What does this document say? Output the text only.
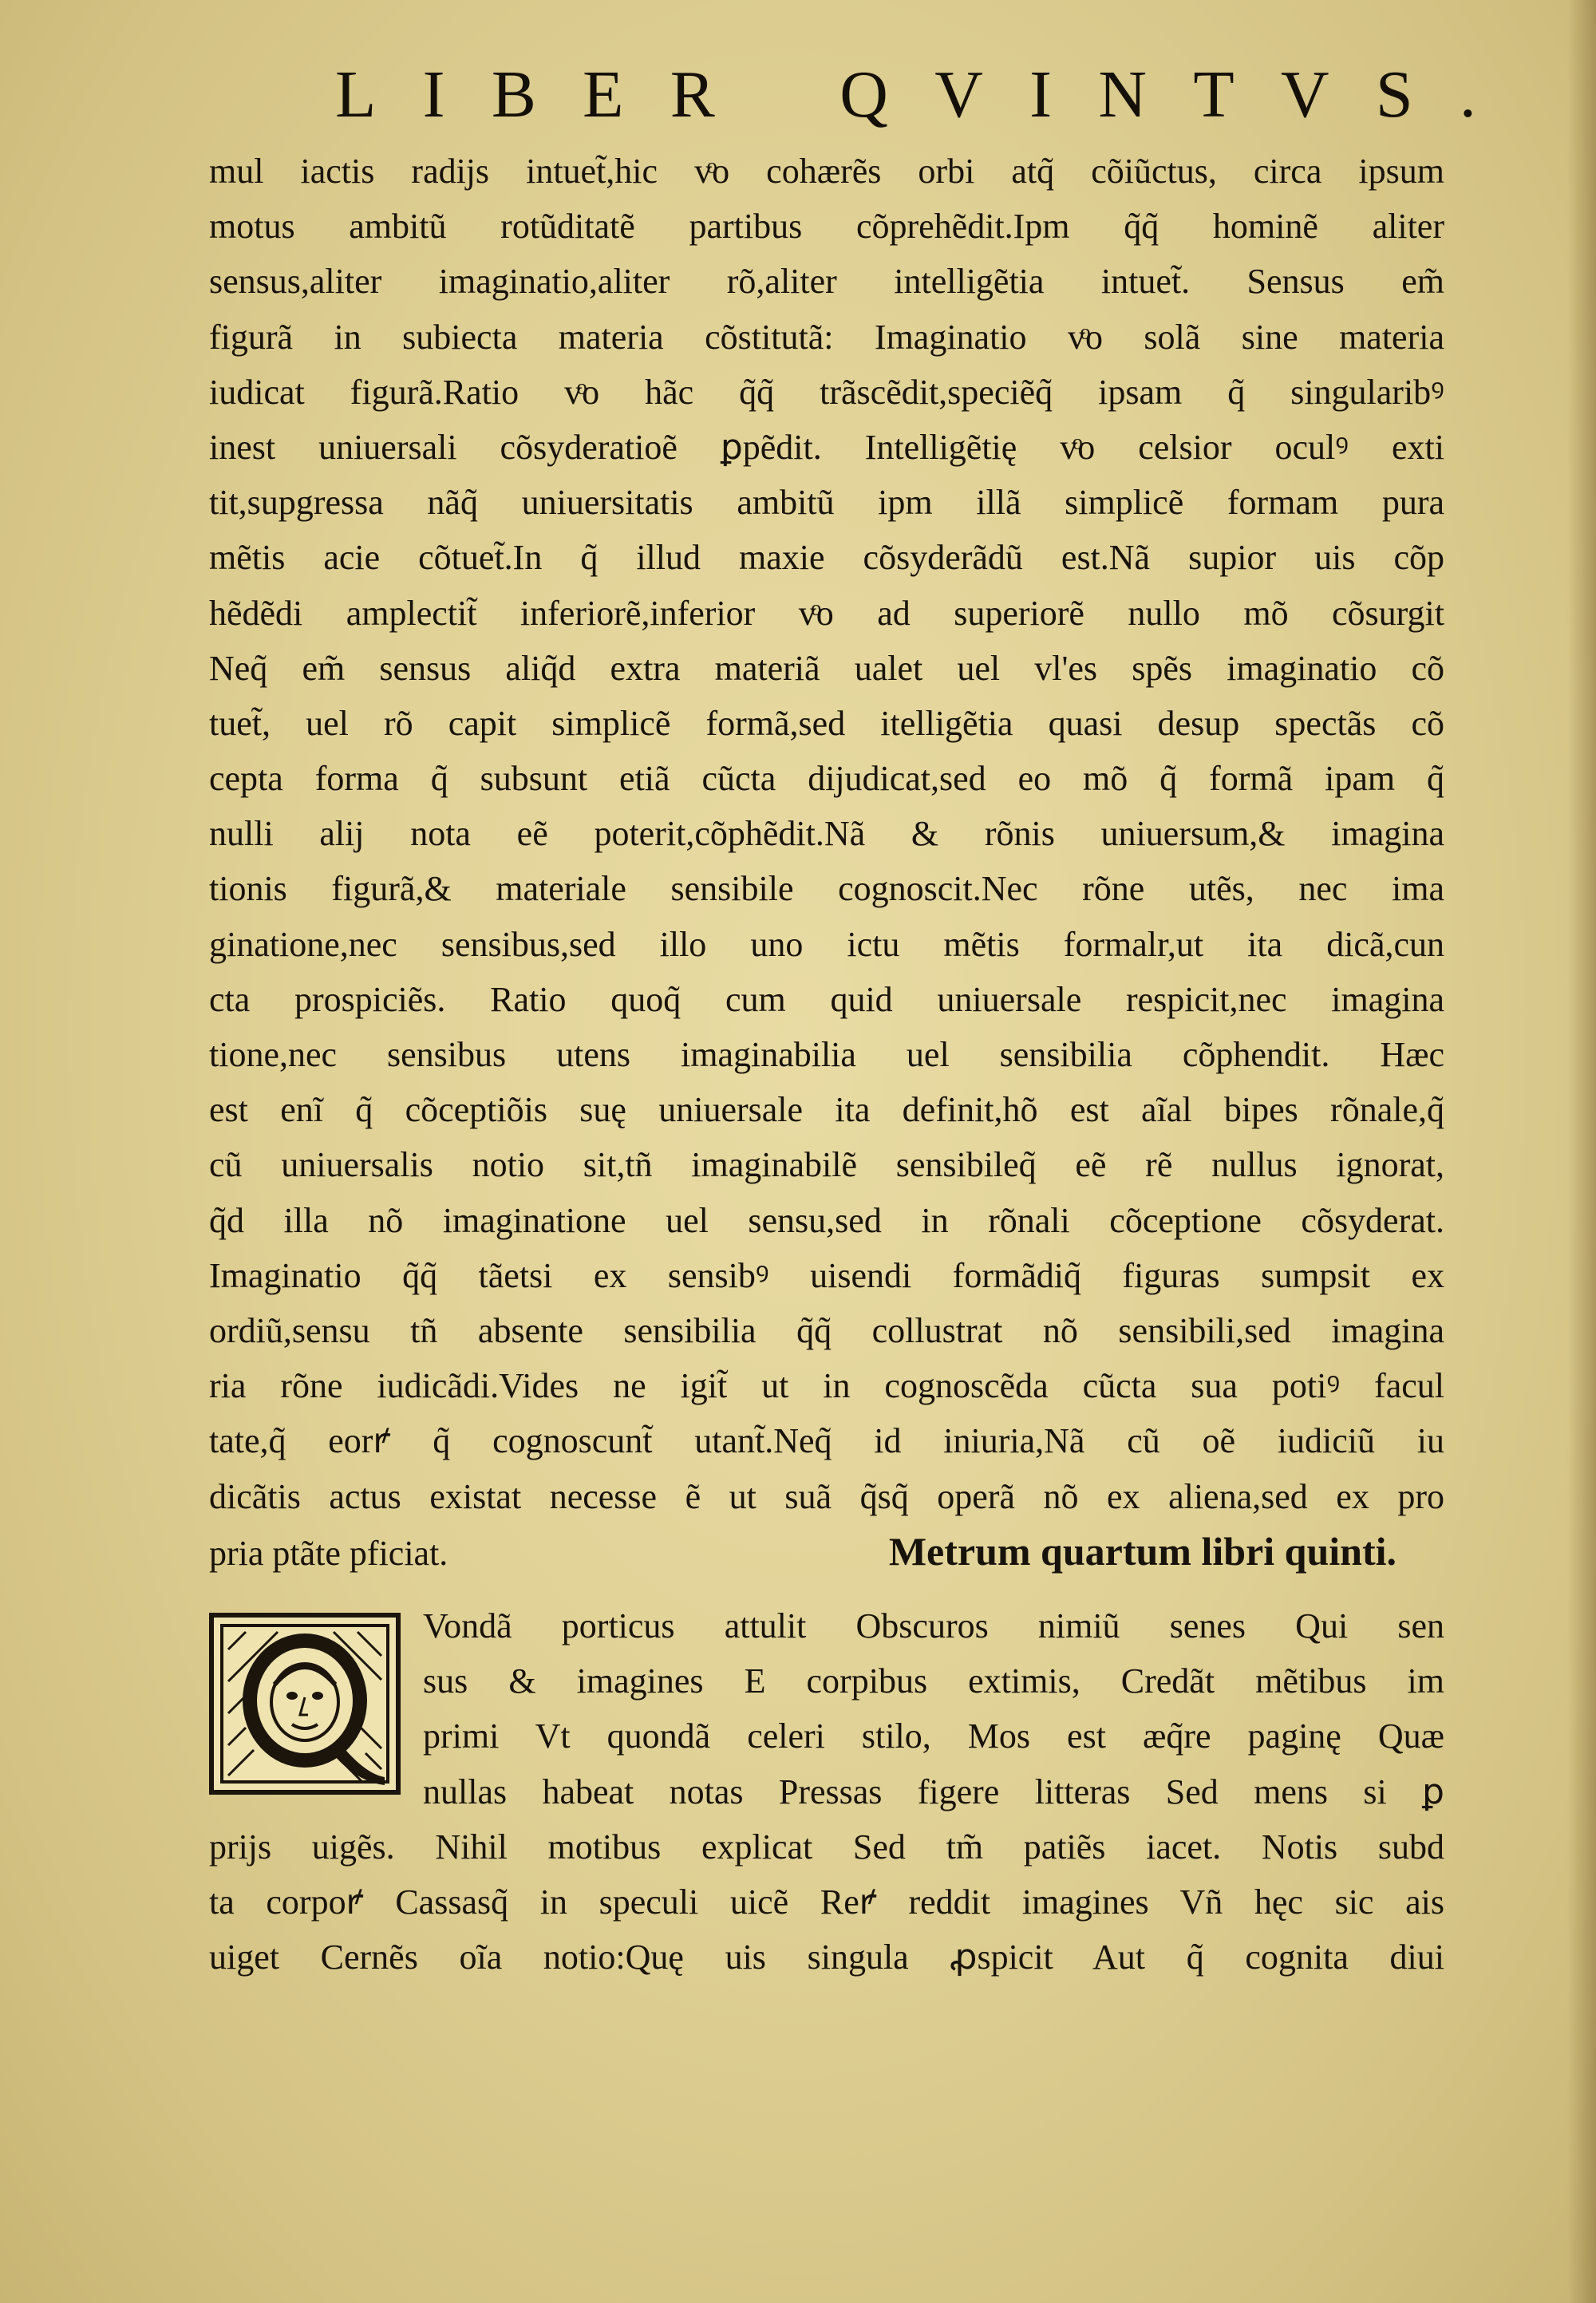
L I B E R Q V I N T V S .
mul iactis radĳs intuet̃,hic vͦo cohærẽs orbi atq̃ cõiũctus, circa ipsum
motus ambitũ rotũditatẽ partibus cõprehẽdit.Ipm q̃q̃ hominẽ aliter
sensus,aliter imaginatio,aliter rõ,aliter intelligẽtia intuet̃. Sensus em̃
figurã in subiecta materia cõstitutã: Imaginatio vͦo solã sine materia
iudicat figurã.Ratio vͦo hãc q̃q̃ trãscẽdit,speciẽq̃ ipsam q̃ singularibꝰ
inest uniuersali cõsyderatioẽ ꝑpẽdit. Intelligẽtię vͦo celsior oculꝰ exti
tit,supgressa nãq̃ uniuersitatis ambitũ ipm illã simplicẽ formam pura
mẽtis acie cõtuet̃.In q̃ illud maxie cõsyderãdũ est.Nã supior uis cõp
hẽdẽdi amplectit̃ inferiorẽ,inferior vͦo ad superiorẽ nullo mõ cõsurgit
Neq̃ em̃ sensus aliq̃d extra materiã ualet uel vl'es spẽs imaginatio cõ
tuet̃, uel rõ capit simplicẽ formã,sed itelligẽtia quasi desup spectãs cõ
cepta forma q̃ subsunt etiã cũcta dĳudicat,sed eo mõ q̃ formã ipam q̃
nulli alĳ nota eẽ poterit,cõphẽdit.Nã & rõnis uniuersum,& imagina
tionis figurã,& materiale sensibile cognoscit.Nec rõne utẽs, nec ima
ginatione,nec sensibus,sed illo uno ictu mẽtis formalr,ut ita dicã,cun
cta prospiciẽs. Ratio quoq̃ cum quid uniuersale respicit,nec imagina
tione,nec sensibus utens imaginabilia uel sensibilia cõphendit. Hæc
est enĩ q̃ cõceptiõis suę uniuersale ita definit,hõ est aĩal bipes rõnale,q̃
cũ uniuersalis notio sit,tñ imaginabilẽ sensibileq̃ eẽ rẽ nullus ignorat,
q̃d illa nõ imaginatione uel sensu,sed in rõnali cõceptione cõsyderat.
Imaginatio q̃q̃ tãetsi ex sensibꝰ uisendi formãdiq̃ figuras sumpsit ex
ordiũ,sensu tñ absente sensibilia q̃q̃ collustrat nõ sensibili,sed imagina
ria rõne iudicãdi.Vides ne igit̃ ut in cognoscẽda cũcta sua potiꝰ facul
tate,q̃ eorꝵ q̃ cognoscunt̃ utant̃.Neq̃ id iniuria,Nã cũ oẽ iudiciũ iu
dicãtis actus existat necesse ẽ ut suã q̃sq̃ operã nõ ex aliena,sed ex pro
pria ptãte pficiat.	Metrum quartum libri quinti.
Vondã porticus attulit Obscuros nimiũ senes Qui sen
sus & imagines E corpibus extimis, Credãt mẽtibus im
primi Vt quondã celeri stilo, Mos est æq̃re paginę Quæ
nullas habeat notas Pressas figere litteras Sed mens si ꝑ
prĳs uigẽs. Nihil motibus explicat Sed tm̃ patiẽs iacet. Notis subd
ta corpoꝵ Cassasq̃ in speculi uicẽ Reꝵ reddit imagines Vñ hęc sic ais
uiget Cernẽs oĩa notio:Quę uis singula ꝓspicit Aut q̃ cognita diui
